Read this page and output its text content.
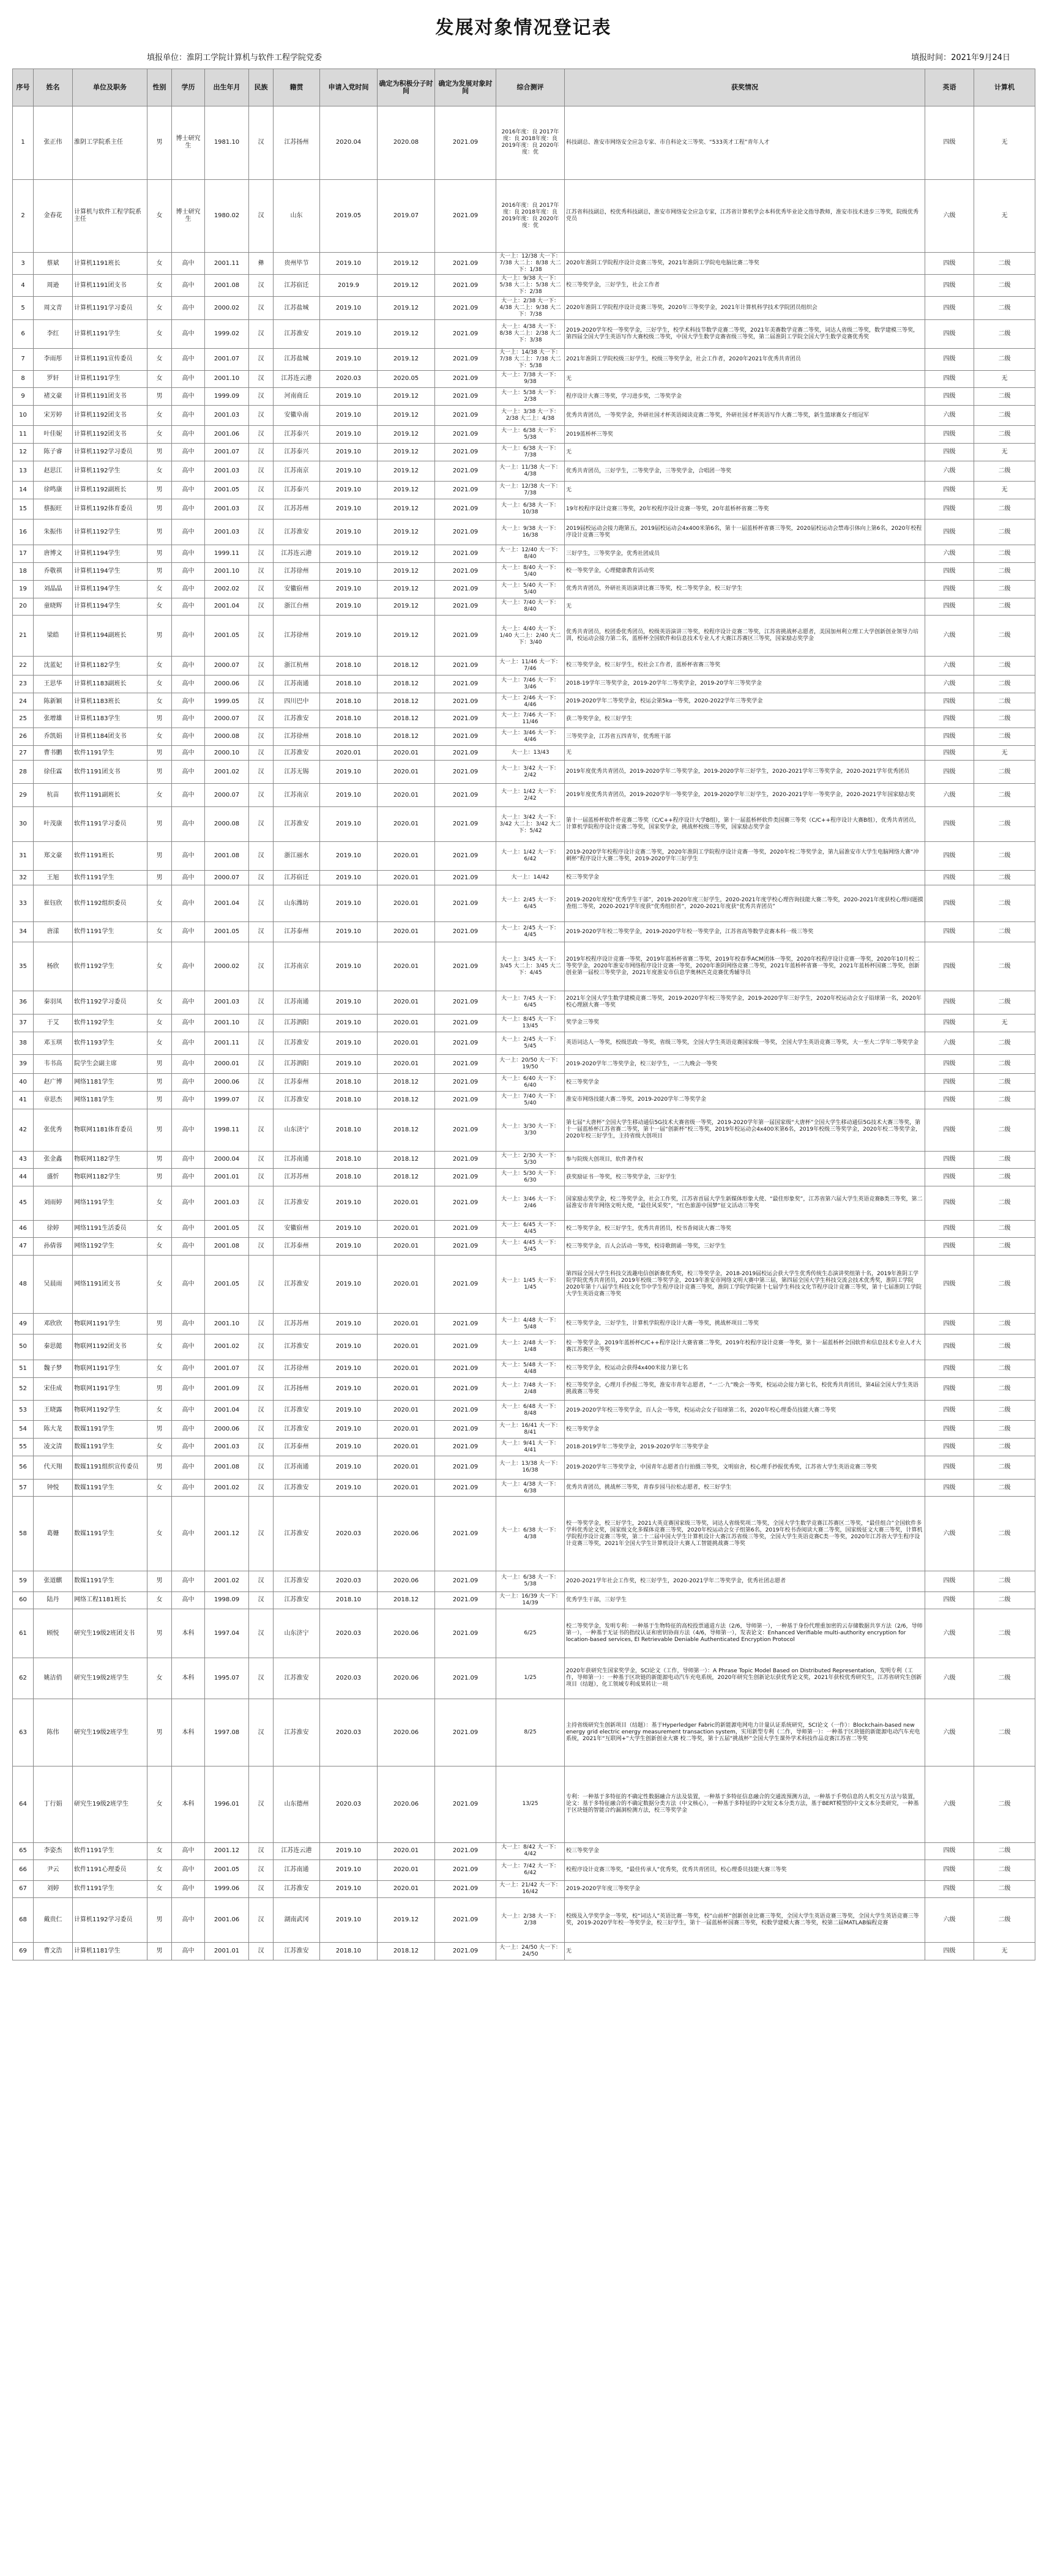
发展对象情况登记表
填报单位：淮阴工学院计算机与软件工程学院党委	填报时间：2021年9月24日
序号	姓名	单位及职务	性别	学历	出生年月	民族	籍贯	申请入党时间	确定为积极分子时间	确定为发展对象时间	综合测评	获奖情况	英语	计算机
1	张正伟	淮阴工学院系主任	男	博士研究生	1981.10	汉	江苏扬州	2020.04	2020.08	2021.09	2016年度：良 2017年度：良 2018年度：良 2019年度：良 2020年度：优	科技副总、淮安市网络安全应急专家、市自科论文三等奖、“533英才工程”青年人才	四级	无
2	金春花	计算机与软件工程学院系主任	女	博士研究生	1980.02	汉	山东	2019.05	2019.07	2021.09	2016年度：良 2017年度：良 2018年度：良 2019年度：良 2020年度：优	江苏省科技副总，校优秀科技副总，淮安市网络安全应急专家，江苏省计算机学会本科优秀毕业论文指导教师，淮安市技术进步三等奖，院级优秀党员	六级	无
3	蔡斌	计算机1191班长	女	高中	2001.11	彝	贵州毕节	2019.10	2019.12	2021.09	大一上：12/38 大一下：7/38 大二上：8/38 大二下：1/38	2020年淮阴工学院程序设计竞赛三等奖，2021年淮阴工学院电电脑比赛二等奖	四级	二级
4	周逊	计算机1191团支书	女	高中	2001.08	汉	江苏宿迁	2019.9	2019.12	2021.09	大一上：9/38 大一下：5/38 大二上：5/38 大二下：2/38	校三等奖学金，三好学生，社会工作者	四级	二级
5	周文青	计算机1191学习委员	女	高中	2000.02	汉	江苏盐城	2019.10	2019.12	2021.09	大一上：2/38 大一下：4/38 大二上：9/38 大二下：7/38	2020年淮阴工学院程序设计竞赛三等奖，2020年三等奖学金，2021年计算机科学技术学院团员组织会	四级	二级
6	李红	计算机1191学生	女	高中	1999.02	汉	江苏淮安	2019.10	2019.12	2021.09	大一上：4/38 大一下：8/38 大二上：2/38 大二下：3/38	2019-2020学年校一等奖学金，三好学生，校学术科技节数学竞赛二等奖，2021年美赛数学竞赛二等奖，词达人省级二等奖，数学建模三等奖，第四届全国大学生英语写作大赛校级二等奖，中国大学生数学竞赛省级三等奖，第二届淮阴工学院全国大学生数学竞赛优秀奖	四级	二级
7	李雨彤	计算机1191宣传委员	女	高中	2001.07	汉	江苏盐城	2019.10	2019.12	2021.09	大一上：14/38 大一下：7/38 大二上：7/38 大二下：5/38	2021年淮阴工学院校级三好学生，校级三等奖学金，社会工作者，2020年2021年优秀共青团员	四级	二级
8	罗轩	计算机1191学生	女	高中	2001.10	汉	江苏连云港	2020.03	2020.05	2021.09	大一上：7/38 大一下：9/38	无	四级	无
9	褚文豪	计算机1191团支书	男	高中	1999.09	汉	河南商丘	2019.10	2019.12	2021.09	大一上：5/38 大一下：2/38	程序设计大赛三等奖，学习进步奖，二等奖学金	四级	二级
10	宋芳婷	计算机1192团支书	女	高中	2001.03	汉	安徽阜南	2019.10	2019.12	2021.09	大一上：3/38 大一下：2/38 大二上：4/38	优秀共青团员，一等奖学金，外研社国才杯英语阅读竞赛二等奖，外研社国才杯英语写作大赛二等奖，新生篮球赛女子组冠军	六级	二级
11	叶佳妮	计算机1192团支书	女	高中	2001.06	汉	江苏泰兴	2019.10	2019.12	2021.09	大一上：6/38 大一下：5/38	2019蓝桥杯三等奖	四级	二级
12	陈子睿	计算机1192学习委员	男	高中	2001.07	汉	江苏泰兴	2019.10	2019.12	2021.09	大一上：6/38 大一下：7/38	无	四级	无
13	赵思江	计算机1192学生	女	高中	2001.03	汉	江苏南京	2019.10	2019.12	2021.09	大一上：11/38 大一下：4/38	优秀共青团员，三好学生，二等奖学金，三等奖学金，合唱团一等奖	六级	二级
14	徐鸣康	计算机1192副班长	男	高中	2001.05	汉	江苏泰兴	2019.10	2019.12	2021.09	大一上：12/38 大一下：7/38	无	四级	无
15	蔡振旺	计算机1192体育委员	男	高中	2001.03	汉	江苏苏州	2019.10	2019.12	2021.09	大一上：6/38 大一下：10/38	19年校程序设计竞赛三等奖，20年校程序设计竞赛一等奖，20年蓝桥杯省赛二等奖	四级	二级
16	朱振伟	计算机1192学生	男	高中	2001.03	汉	江苏淮安	2019.10	2019.12	2021.09	大一上：9/38 大一下：16/38	2019届校运动会接力跑第五，2019届校运动会4x400米第6名，第十一届蓝桥杯省赛三等奖，2020届校运动会禁毒引体向上第6名，2020年校程序设计竞赛三等奖	四级	二级
17	唐博文	计算机1194学生	男	高中	1999.11	汉	江苏连云港	2019.10	2019.12	2021.09	大一上：12/40 大一下：8/40	三好学生，三等奖学金，优秀社团成员	六级	二级
18	乔敬祺	计算机1194学生	男	高中	2001.10	汉	江苏徐州	2019.10	2019.12	2021.09	大一上：8/40 大一下：5/40	校一等奖学金，心理健康教育活动奖	四级	二级
19	刘晶晶	计算机1194学生	女	高中	2002.02	汉	安徽宿州	2019.10	2019.12	2021.09	大一上：5/40 大一下：5/40	优秀共青团员，外研社英语演讲比赛三等奖，校二等奖学金，校三好学生	四级	二级
20	童晓辉	计算机1194学生	女	高中	2001.04	汉	浙江台州	2019.10	2019.12	2021.09	大一上：7/40 大一下：8/40	无	四级	二级
21	梁皓	计算机1194副班长	男	高中	2001.05	汉	江苏徐州	2019.10	2019.12	2021.09	大一上：4/40 大一下：1/40 大二上：2/40 大二下：3/40	优秀共青团员，校团委优秀团员，校级英语演讲三等奖，校程序设计竞赛二等奖，江苏省挑战杯志愿者，美国加州利立理工大学创新创业领导力培训，校运动会接力第二名，蓝桥杯全国软件和信息技术专业人才大赛江苏赛区三等奖，国家励志奖学金	六级	二级
22	沈蓝妃	计算机1182学生	女	高中	2000.07	汉	浙江杭州	2018.10	2018.12	2021.09	大一上：11/46 大一下：7/46	校三等奖学金，校三好学生，校社会工作者，蓝桥杯省赛三等奖	六级	二级
23	王思华	计算机1183副班长	女	高中	2000.06	汉	江苏南通	2018.10	2018.12	2021.09	大一上：7/46 大一下：3/46	2018-19学年三等奖学金，2019-20学年二等奖学金，2019-20学年三等奖学金	六级	二级
24	陈新颖	计算机1183班长	女	高中	1999.05	汉	四川巴中	2018.10	2018.12	2021.09	大一上：2/46 大一下：4/46	2019-2020学年二等奖学金，校运会第5ka一等奖，2020-2022学年三等奖学金	四级	二级
25	张增雄	计算机1183学生	男	高中	2000.07	汉	江苏淮安	2018.10	2018.12	2021.09	大一上：7/46 大一下：11/46	获二等奖学金，校三好学生	四级	二级
26	乔凯娟	计算机1184团支书	女	高中	2000.08	汉	江苏徐州	2018.10	2018.12	2021.09	大一上：3/46 大一下：4/46	三等奖学金，江苏省五四青年，优秀班干部	四级	二级
27	曹书鹏	软件1191学生	男	高中	2000.10	汉	江苏淮安	2020.01	2020.01	2021.09	大一上：13/43	无	四级	无
28	徐佳霖	软件1191团支书	男	高中	2001.02	汉	江苏无锡	2019.10	2020.01	2021.09	大一上：3/42 大一下：2/42	2019年度优秀共青团员，2019-2020学年二等奖学金，2019-2020学年三好学生，2020-2021学年三等奖学金，2020-2021学年优秀团员	四级	二级
29	杭苗	软件1191副班长	女	高中	2000.07	汉	江苏南京	2019.10	2020.01	2021.09	大一上：1/42 大一下：2/42	2019年度优秀共青团员，2019-2020学年一等奖学金，2019-2020学年三好学生，2020-2021学年一等奖学金，2020-2021学年国家励志奖	六级	二级
30	叶茂康	软件1191学习委员	男	高中	2000.08	汉	江苏淮安	2019.10	2020.01	2021.09	大一上：3/42 大一下：3/42 大二上：3/42 大二下：5/42	第十一届蓝桥杯软件杯竞赛二等奖（C/C++程序设计大学B组），第十一届蓝桥杯软件类国赛三等奖（C/C++程序设计大赛B组），优秀共青团员，计算机学院程序设计竞赛二等奖，国家奖学金，挑战杯校级三等奖，国家励志奖学金	四级	二级
31	郑文豪	软件1191班长	男	高中	2001.08	汉	浙江丽水	2019.10	2020.01	2021.09	大一上：1/42 大一下：6/42	2019-2020学年校程序设计竞赛二等奖，2020年淮阴工学院程序设计竞赛一等奖，2020年校二等奖学金，第九届淮安市大学生电脑网络大赛“冲刺杯”程序设计大赛二等奖，2019-2020学年三好学生	四级	二级
32	王旭	软件1191学生	男	高中	2000.07	汉	江苏宿迁	2019.10	2020.01	2021.09	大一上：14/42	校三等奖学金	四级	二级
33	崔钰欣	软件1192组织委员	女	高中	2001.04	汉	山东潍坊	2019.10	2020.01	2021.09	大一上：2/45 大一下：6/45	2019-2020年度校“优秀学生干部”，2019-2020年度三好学生，2020-2021年度学校心理咨询技能大赛二等奖，2020-2021年度获校心理问题摸查组二等奖，2020-2021学年度获“优秀组织者”，2020-2021年度获“优秀共青团员”	四级	二级
34	唐漾	软件1191学生	女	高中	2001.05	汉	江苏泰州	2019.10	2020.01	2021.09	大一上：2/45 大一下：4/45	2019-2020学年校二等奖学金，2019-2020学年校一等奖学金，江苏省高等数学竞赛本科一级三等奖	四级	二级
35	杨欣	软件1192学生	女	高中	2000.02	汉	江苏南京	2019.10	2020.01	2021.09	大一上：3/45 大一下：3/45 大二上：3/45 大二下：4/45	2019年校程序设计竞赛一等奖，2019年蓝桥杯省赛二等奖，2019年校春季ACM团体一等奖，2020年校程序设计竞赛一等奖，2020年10月校二等奖学金，2020年淮安市网络程序设计竞赛一等奖，2020年淮阴网络竞赛二等奖，2021年蓝桥杯省赛一等奖，2021年蓝桥杯国赛二等奖，创新创业第一届校三等奖学金，2021年度淮安市信息学奥林匹克竞赛优秀辅导员	四级	二级
36	秦羽凤	软件1192学习委员	女	高中	2001.03	汉	江苏南通	2019.10	2020.01	2021.09	大一上：7/45 大一下：6/45	2021年全国大学生数学建模竞赛二等奖，2019-2020学年校三等奖学金，2019-2020学年三好学生，2020年校运动会女子铅球第一名，2020年校心理剧大赛一等奖	四级	二级
37	于艾	软件1192学生	女	高中	2001.10	汉	江苏泗阳	2019.10	2020.01	2021.09	大一上：8/45 大一下：13/45	奖学金三等奖	四级	无
38	邓玉琪	软件1193学生	女	高中	2001.11	汉	江苏淮安	2019.10	2020.01	2021.09	大一上：2/45 大一下：5/45	英语词达人一等奖，校级思政一等奖，省级三等奖，全国大学生英语竞赛国家级一等奖，全国大学生英语竞赛三等奖，大一至大二学年二等奖学金	六级	二级
39	韦书高	院学生会副主席	男	高中	2000.01	汉	江苏泗阳	2019.10	2020.01	2021.09	大一上：20/50 大一下：19/50	2019-2020学年二等奖学金，校三好学生，一二九晚会一等奖	四级	二级
40	赵广博	网络1181学生	男	高中	2000.06	汉	江苏泰州	2018.10	2018.12	2021.09	大一上：6/40 大一下：6/40	校三等奖学金	四级	二级
41	章思杰	网络1181学生	男	高中	1999.07	汉	江苏淮安	2018.10	2018.12	2021.09	大一上：7/40 大一下：5/40	淮安市网络技能大赛二等奖，2019-2020学年二等奖学金	四级	二级
42	张优秀	物联网1181体育委员	男	高中	1998.11	汉	山东济宁	2018.10	2018.12	2021.09	大一上：3/30 大一下：3/30	第七届“大唐杯”全国大学生移动通信5G技术大赛省级一等奖，2019-2020学年第一届国家级“大唐杯”全国大学生移动通信5G技术大赛三等奖，第十一届蓝桥杯江苏省赛二等奖，第十一届“创新杯”校三等奖，2019年校运动会4x400米第6名，2019年校级三等奖学金，2020年校二等奖学金，2020年校三好学生，主持省级大创项目	四级	二级
43	张金鑫	物联网1182学生	男	高中	2000.04	汉	江苏南通	2018.10	2018.12	2021.09	大一上：2/30 大一下：5/30	参与院级大创项目，软件著作权	四级	二级
44	盛忻	物联网1182学生	男	高中	2001.01	汉	江苏苏州	2018.10	2018.12	2021.09	大一上：5/30 大一下：6/30	获奖励证书一等奖，校三等奖学金，三好学生	四级	二级
45	刘雨婷	网络1191学生	女	高中	2001.03	汉	江苏淮安	2019.10	2020.01	2021.09	大一上：3/46 大一下：2/46	国家励志奖学金，校二等奖学金，社会工作奖，江苏省首届大学生新媒体形象大使、“最佳形象奖”，江苏省第六届大学生英语竞赛B类三等奖，第二届淮安市青年网络文明大使，“最佳风采奖”，“红色旅游中国梦”征文活动三等奖	四级	二级
46	徐婷	网络1191生活委员	女	高中	2001.05	汉	安徽宿州	2019.10	2020.01	2021.09	大一上：6/45 大一下：4/45	校二等奖学金，校三好学生，优秀共青团员，校书香阅读大赛二等奖	四级	二级
47	孙倩蓉	网络1192学生	女	高中	2001.08	汉	江苏泰州	2019.10	2020.01	2021.09	大一上：4/45 大一下：5/45	校三等奖学金，百人会活动一等奖，校诗歌朗诵一等奖，三好学生	四级	二级
48	吴晨雨	网络1191团支书	女	高中	2001.05	汉	江苏淮安	2019.10	2020.01	2021.09	大一上：1/45 大一下：1/45	第四届全国大学生科技交流趣电信创新赛优秀奖，校三等奖学金，2018-2019届校运会获大学生优秀传统生态演讲奖组第十名，2019年淮阴工学院学院优秀共青团员，2019年校级二等奖学金，2019年淮安市网络文明大赛中第三届，第四届全国大学生科技交流会技术优秀奖，淮阴工学院2020年第十八届学生科技文化节中学生程序设计竞赛三等奖，淮阴工学院学院第十七届学生科技文化节程序设计竞赛三等奖，第十七届淮阴工学院大学生英语竞赛三等奖	四级	二级
49	邓欣欣	物联网1191学生	男	高中	2001.10	汉	江苏苏州	2019.10	2020.01	2021.09	大一上：4/48 大一下：5/48	校三等奖学金，三好学生，计算机学院程序设计大赛一等奖，挑战杯项目二等奖	四级	二级
50	秦思懿	物联网1192团支书	女	高中	2001.02	汉	江苏淮安	2019.10	2020.01	2021.09	大一上：2/48 大一下：1/48	校一等奖学金，2019年蓝桥杯C/C++程序设计大赛省赛二等奖，2019年校程序设计竞赛一等奖，第十一届蓝桥杯全国软件和信息技术专业人才大赛江苏赛区一等奖	四级	二级
51	魏子梦	物联网1191学生	女	高中	2001.07	汉	江苏徐州	2019.10	2020.01	2021.09	大一上：5/48 大一下：4/48	校三等奖学金，校运动会获得4x400米接力第七名	四级	二级
52	宋佳成	物联网1191学生	男	高中	2001.09	汉	江苏扬州	2019.10	2020.01	2021.09	大一上：7/48 大一下：2/48	校三等奖学金，心理月手抄报二等奖，淮安市青年志愿者，“一二·九”晚会一等奖，校运动会接力第七名，校优秀共青团员，第4届全国大学生英语挑战赛三等奖	四级	二级
53	王晓露	物联网1192学生	女	高中	2001.04	汉	江苏淮安	2019.10	2020.01	2021.09	大一上：6/48 大一下：8/48	2019-2020学年校三等奖学金，百人会一等奖，校运动会女子铅球第二名，2020年校心理委员技能大赛二等奖	四级	二级
54	陈大龙	数媒1191学生	男	高中	2000.06	汉	江苏淮安	2019.10	2020.01	2021.09	大一上：16/41 大一下：8/41	校三等奖学金	四级	二级
55	凌文清	数媒1191学生	女	高中	2001.03	汉	江苏泰州	2019.10	2020.01	2021.09	大一上：9/41 大一下：4/41	2018-2019学年二等奖学金，2019-2020学年三等奖学金	四级	二级
56	代天翔	数媒1191组织宣传委员	男	高中	2001.08	汉	江苏南通	2019.10	2020.01	2021.09	大一上：13/38 大一下：16/38	2019-2020学年三等奖学金，中国青年志愿者自行拍摄三等奖，文明宿舍，校心理手抄报优秀奖，江苏省大学生英语竞赛三等奖	四级	二级
57	钟悦	数媒1191学生	女	高中	2001.02	汉	江苏淮安	2019.10	2020.01	2021.09	大一上：4/38 大一下：6/38	优秀共青团员，挑战杯三等奖，青春步园马拉松志愿者，校三好学生	四级	二级
58	葛姗	数媒1191学生	女	高中	2001.12	汉	江苏淮安	2020.03	2020.06	2021.09	大一上：6/38 大一下：4/38	校一等奖学金，校三好学生，2021大英竞赛国家级三等奖，词达人省级奖项二等奖，全国大学生数学竞赛江苏赛区二等奖，“最佳组合”全国软件多学科优秀论文奖，国家级文化多媒体竞赛三等奖，2020年校运动会女子组第6名，2019年校书香阅读大赛二等奖，国家级征文大赛三等奖，计算机学院程序设计竞赛三等奖，第二十二届中国大学生计算机设计大赛江苏省级三等奖，全国大学生英语竞赛C类一等奖，2020年江苏省大学生程序设计竞赛三等奖，2021年全国大学生计算机设计大赛人工智能挑战赛二等奖	六级	二级
59	张道麒	数媒1191学生	男	高中	2001.02	汉	江苏淮安	2020.03	2020.06	2021.09	大一上：6/38 大一下：5/38	2020-2021学年社会工作奖，校三好学生，2020-2021学年二等奖学金，优秀社团志愿者	四级	二级
60	陆丹	网络工程1181班长	女	高中	1998.09	汉	江苏淮安	2018.10	2018.12	2021.09	大一上：16/39 大一下：14/39	优秀学生干部，三好学生	四级	二级
61	顾悦	研究生19级2班团支书	男	本科	1997.04	汉	山东济宁	2020.03	2020.06	2021.09	6/25	校二等奖学金，发明专利：一种基于生物特征的高校投票通道方法（2/6，导师第一），一种基于身份代理重加密的云存储数据共享方法（2/6，导师第一），一种基于无证书的指纹认证和密钥协商方法（4/6，导师第一），发表论文：Enhanced Verifiable multi-authority encryption for location-based services, EI Retrievable Deniable Authenticated Encryption Protocol	六级	二级
62	姚洁俏	研究生19级2班学生	女	本科	1995.07	汉	江苏淮安	2020.03	2020.06	2021.09	1/25	2020年获研究生国家奖学金，SCI论文（工作，导师第一）：A Phrase Topic Model Based on Distributed Representation，发明专利（工作，导师第一）：一种基于区块链的新能源电动汽车充电系统，2020年研究生创新论坛获优秀论文奖，2021年获校优秀研究生，江苏省研究生创新项目（结题），化工领域专利成果转让一项	六级	二级
63	陈伟	研究生19级2班学生	男	本科	1997.08	汉	江苏淮安	2020.03	2020.06	2021.09	8/25	主持省级研究生创新项目（结题）：基于Hyperledger Fabric的新能源电网电力计量认证系统研究，SCI论文（一作）：Blockchain-based new energy grid electric energy measurement transaction system，实用新型专利（二作，导师第一）：一种基于区块链的新能源电动汽车充电系统，2021年“互联网+”大学生创新创业大赛 校二等奖，第十五届“挑战杯”全国大学生课外学术科技作品竞赛江苏省二等奖	六级	二级
64	丁行娟	研究生19级2班学生	女	本科	1996.01	汉	山东德州	2020.03	2020.06	2021.09	13/25	专利：一种基于多特征的不确定性数据融合方法及装置，一种基于多特征信息融合的交通流预测方法，一种基于手势信息的人机交互方法与装置，论文：基于多特征融合的不确定数据分类方法（中文核心），一种基于多特征的中文短文本分类方法，基于BERT模型的中文文本分类研究，一种基于区块链的智能合约漏洞检测方法，校三等奖学金	六级	二级
65	李姿杰	软件1191学生	女	高中	2001.12	汉	江苏连云港	2019.10	2020.01	2021.09	大一上：8/42 大一下：4/42	校三等奖学金	四级	二级
66	尹云	软件1191心理委员	女	高中	2001.05	汉	江苏南通	2019.10	2020.01	2021.09	大一上：7/42 大一下：6/42	校程序设计竞赛三等奖，“最佳传承人”优秀奖，优秀共青团员，校心理委员技能大赛三等奖	四级	二级
67	刘婷	软件1191学生	女	高中	1999.06	汉	江苏淮安	2019.10	2020.01	2021.09	大一上：21/42 大一下：16/42	2019-2020学年度三等奖学金	四级	二级
68	戴贵仁	计算机1192学习委员	男	高中	2001.06	汉	湖南武冈	2019.10	2019.12	2021.09	大一上：2/38 大一下：2/38	校级及入学奖学金一等奖，校“词达人”英语比赛一等奖，校“山前杯”创新创业比赛三等奖，全国大学生英语竞赛三等奖，全国大学生英语竞赛三等奖，2019-2020学年校一等奖学金，校三好学生，第十一届蓝桥杯国赛三等奖，校数学建模大赛二等奖，校第二届MATLAB编程竞赛	六级	二级
69	曹文浩	计算机1181学生	男	高中	2001.01	汉	江苏淮安	2018.10	2018.12	2021.09	大一上：24/50 大一下：24/50	无	四级	无
